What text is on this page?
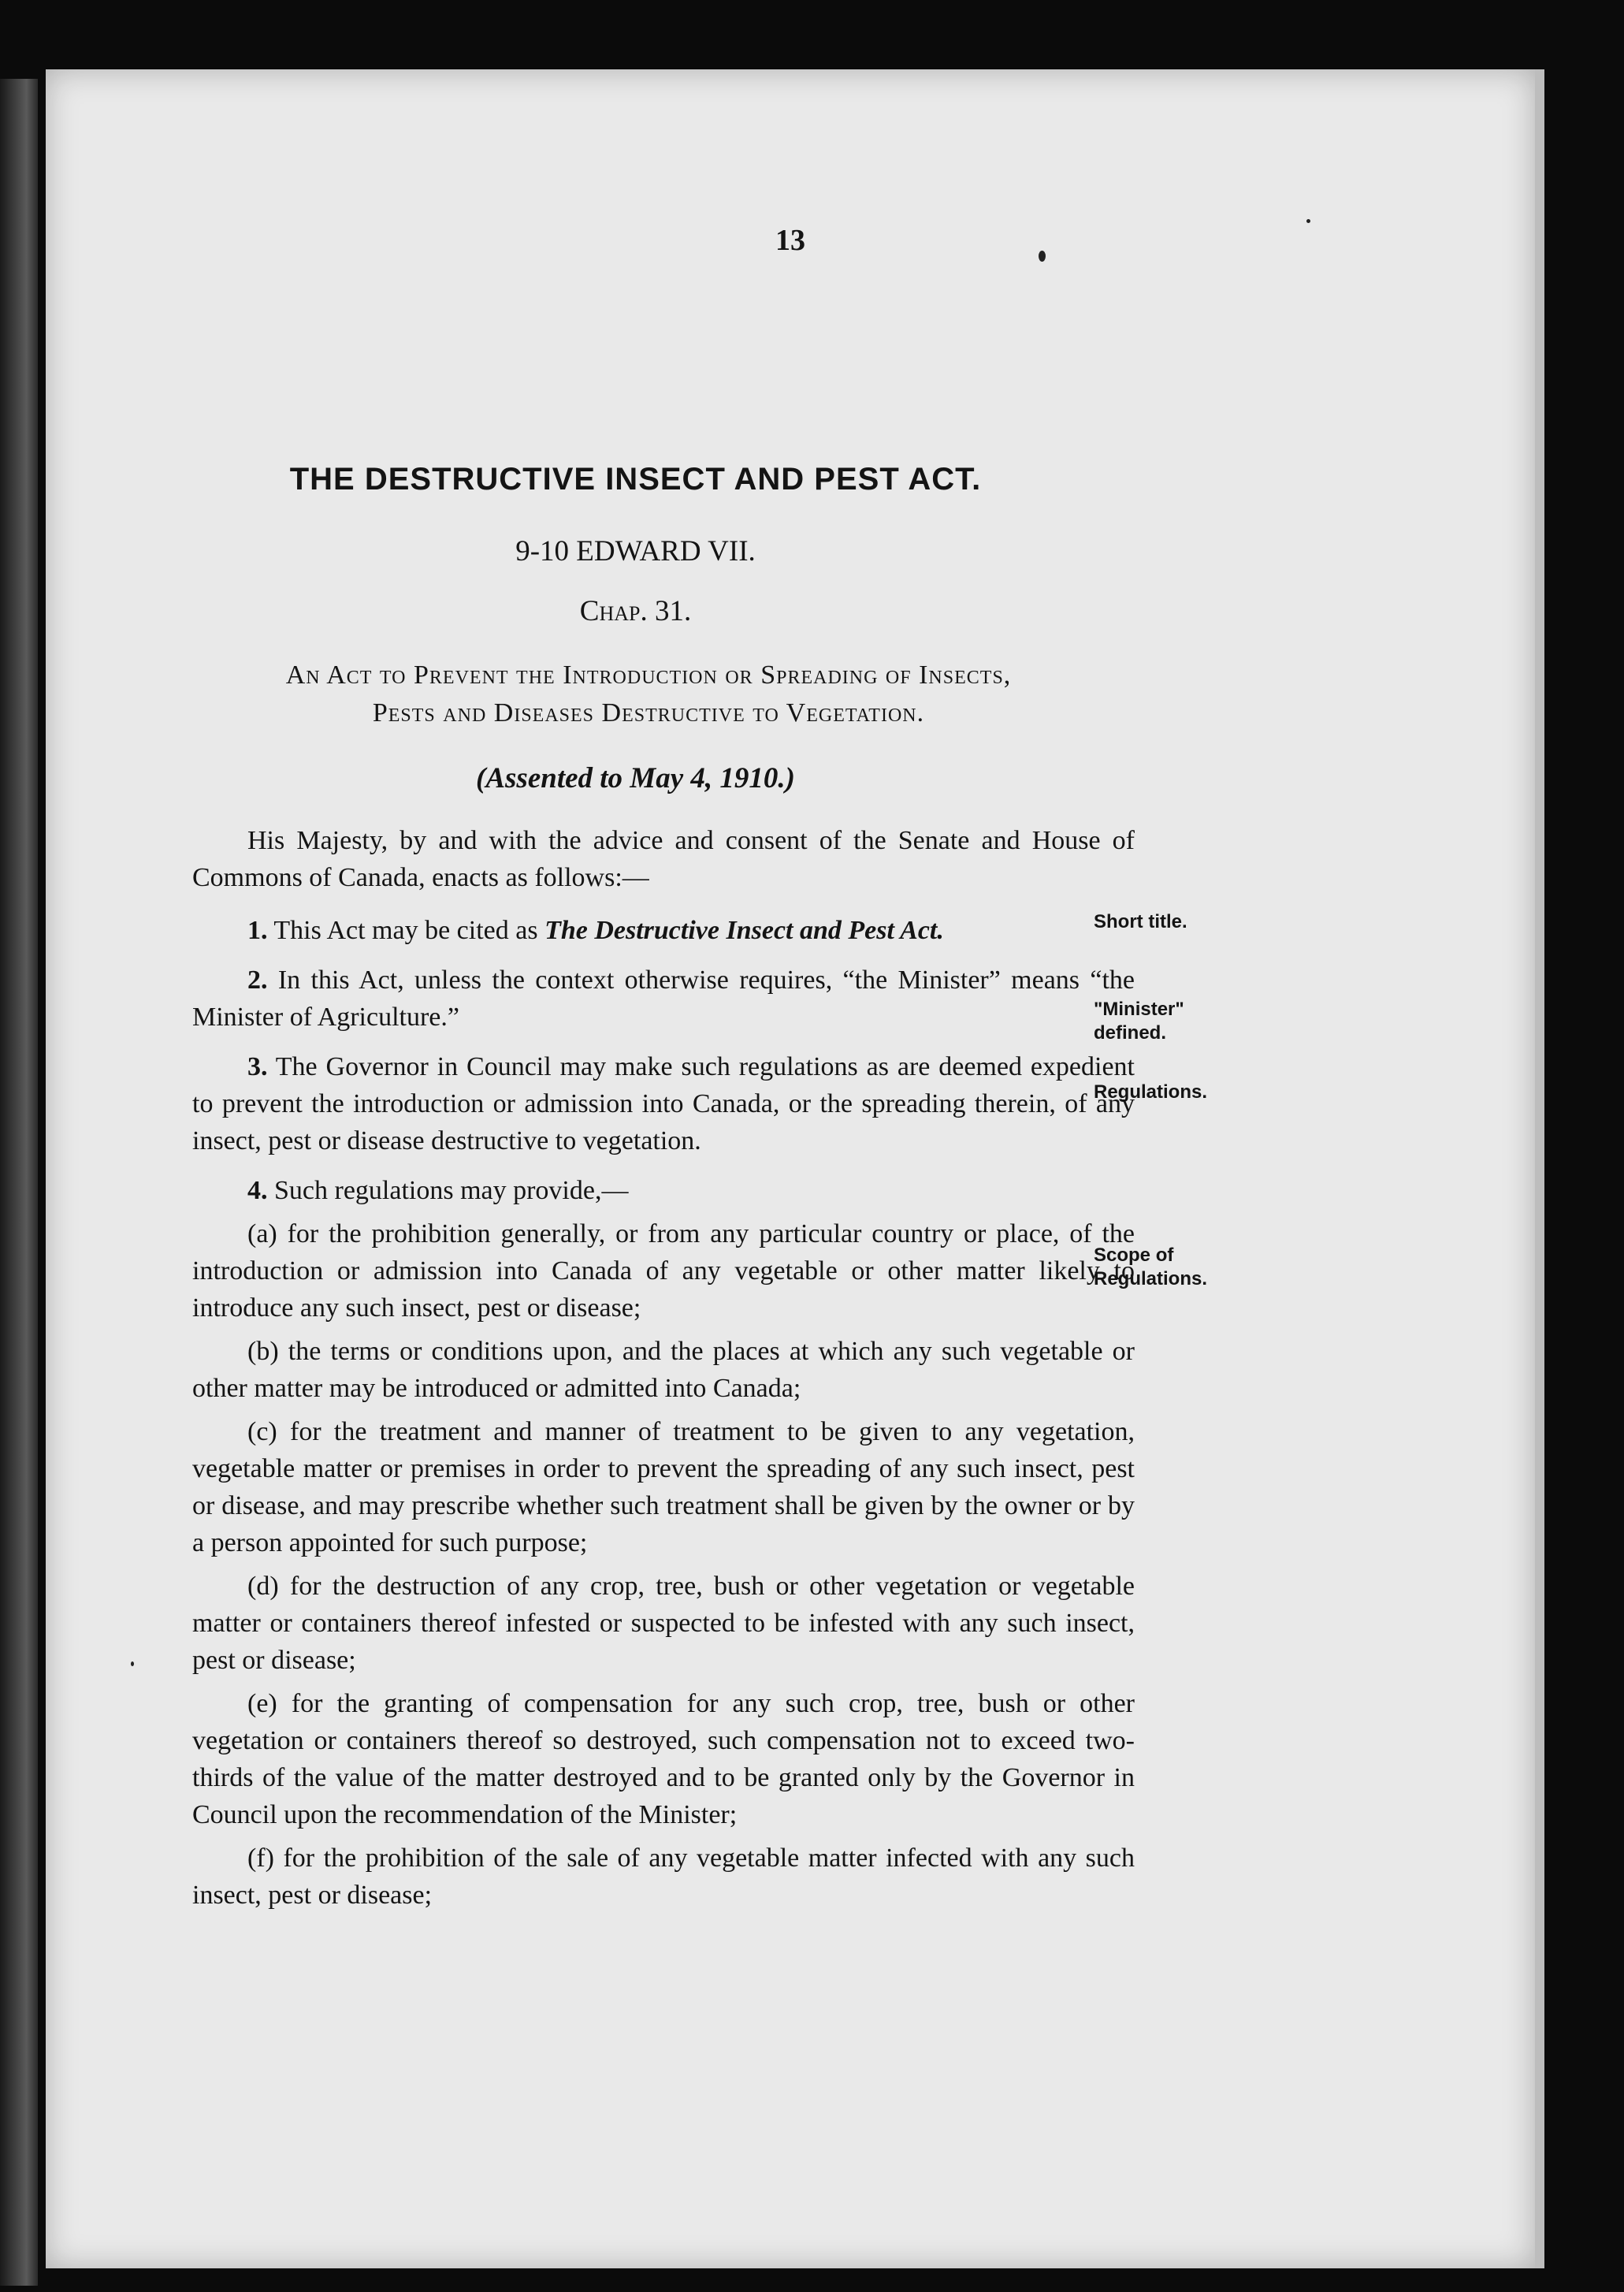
13
THE DESTRUCTIVE INSECT AND PEST ACT.
9-10 EDWARD VII.
Chap. 31.
An Act to Prevent the Introduction or Spreading of Insects,
Pests and Diseases Destructive to Vegetation.
(Assented to May 4, 1910.)

His Majesty, by and with the advice and consent of the Senate and House of Commons of Canada, enacts as follows:—

1. This Act may be cited as The Destructive Insect and Pest Act.

2. In this Act, unless the context otherwise requires, “the Minister” means “the Minister of Agriculture.”

3. The Governor in Council may make such regulations as are deemed expedient to prevent the introduction or admission into Canada, or the spreading therein, of any insect, pest or disease destructive to vegetation.

4. Such regulations may provide,—

(a) for the prohibition generally, or from any particular country or place, of the introduction or admission into Canada of any vegetable or other matter likely to introduce any such insect, pest or disease;

(b) the terms or conditions upon, and the places at which any such vegetable or other matter may be introduced or admitted into Canada;

(c) for the treatment and manner of treatment to be given to any vegetation, vegetable matter or premises in order to prevent the spreading of any such insect, pest or disease, and may prescribe whether such treatment shall be given by the owner or by a person appointed for such purpose;

(d) for the destruction of any crop, tree, bush or other vegetation or vegetable matter or containers thereof infested or suspected to be infested with any such insect, pest or disease;

(e) for the granting of compensation for any such crop, tree, bush or other vegetation or containers thereof so destroyed, such compensation not to exceed two-thirds of the value of the matter destroyed and to be granted only by the Governor in Council upon the recommendation of the Minister;

(f) for the prohibition of the sale of any vegetable matter infected with any such insect, pest or disease;

Short title.
"Minister"
defined.
Regulations.
Scope of
Regulations.
